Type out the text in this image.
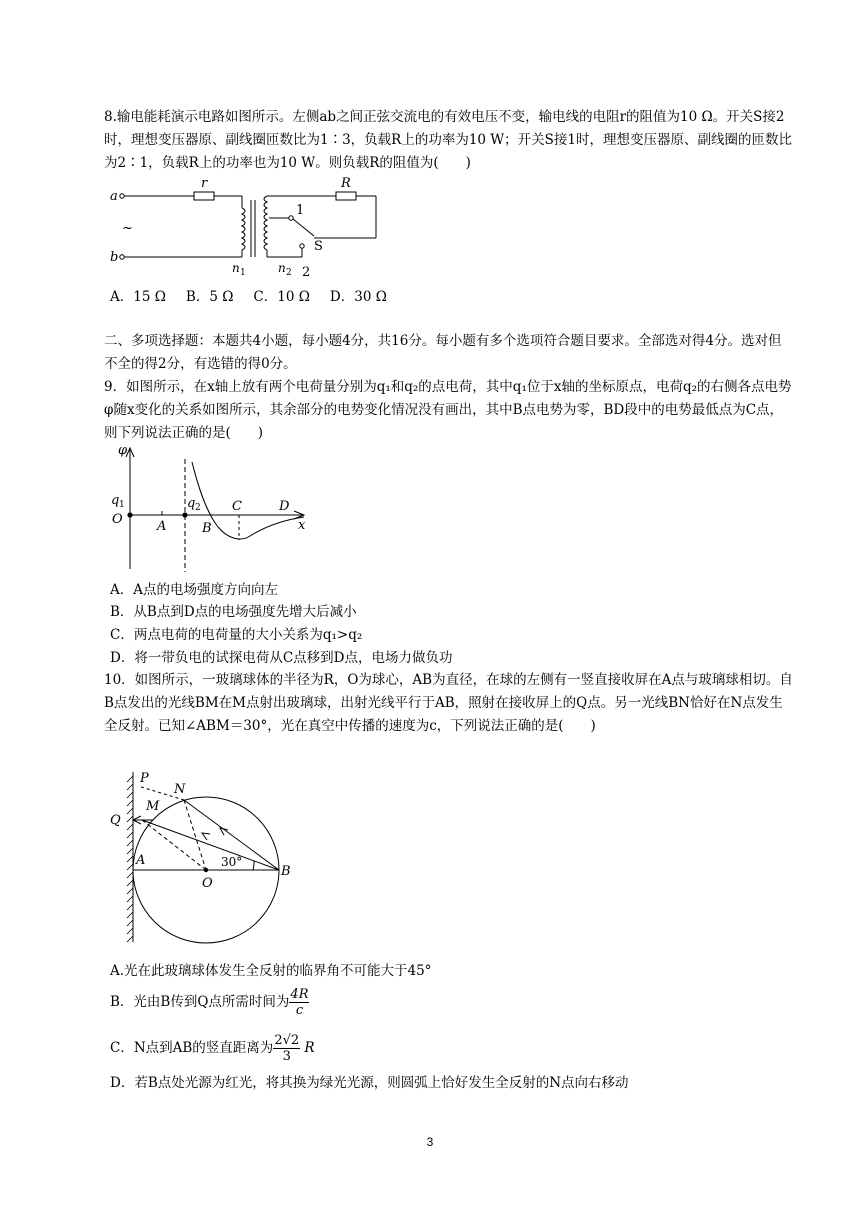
8.输电能耗演示电路如图所示。左侧ab之间正弦交流电的有效电压不变，输电线的电阻r的阻值为10 Ω。开关S接2时，理想变压器原、副线圈匝数比为1∶3，负载R上的功率为10 W；开关S接1时，理想变压器原、副线圈的匝数比为2∶1，负载R上的功率也为10 W。则负载R的阻值为(　　)
a
b
~
r	R
1
S
2
n 1	n 2
A．15 Ω B．5 Ω C．10 Ω D．30 Ω
二、多项选择题：本题共4小题，每小题4分，共16分。每小题有多个选项符合题目要求。全部选对得4分。选对但不全的得2分，有选错的得0分。
9．如图所示，在x轴上放有两个电荷量分别为q₁和q₂的点电荷，其中q₁位于x轴的坐标原点，电荷q₂的右侧各点电势φ随x变化的关系如图所示，其余部分的电势变化情况没有画出，其中B点电势为零，BD段中的电势最低点为C点，则下列说法正确的是(　　)
φ
q 1
O
q 2
A	B
C	D
x
A．A点的电场强度方向向左
B．从B点到D点的电场强度先增大后减小
C．两点电荷的电荷量的大小关系为q₁>q₂
D．将一带负电的试探电荷从C点移到D点，电场力做负功
10．如图所示，一玻璃球体的半径为R，O为球心，AB为直径，在球的左侧有一竖直接收屏在A点与玻璃球相切。自B点发出的光线BM在M点射出玻璃球，出射光线平行于AB，照射在接收屏上的Q点。另一光线BN恰好在N点发生全反射。已知∠ABM＝30°，光在真空中传播的速度为c，下列说法正确的是(　　)
P
N
M
Q
A
O
B
30°
A.光在此玻璃球体发生全反射的临界角不可能大于45°
B．光由B传到Q点所需时间为 $\frac{4R}{c}$
C．N点到AB的竖直距离为 $\frac{2√2}{3}$ R
D．若B点处光源为红光，将其换为绿光光源，则圆弧上恰好发生全反射的N点向右移动
3
